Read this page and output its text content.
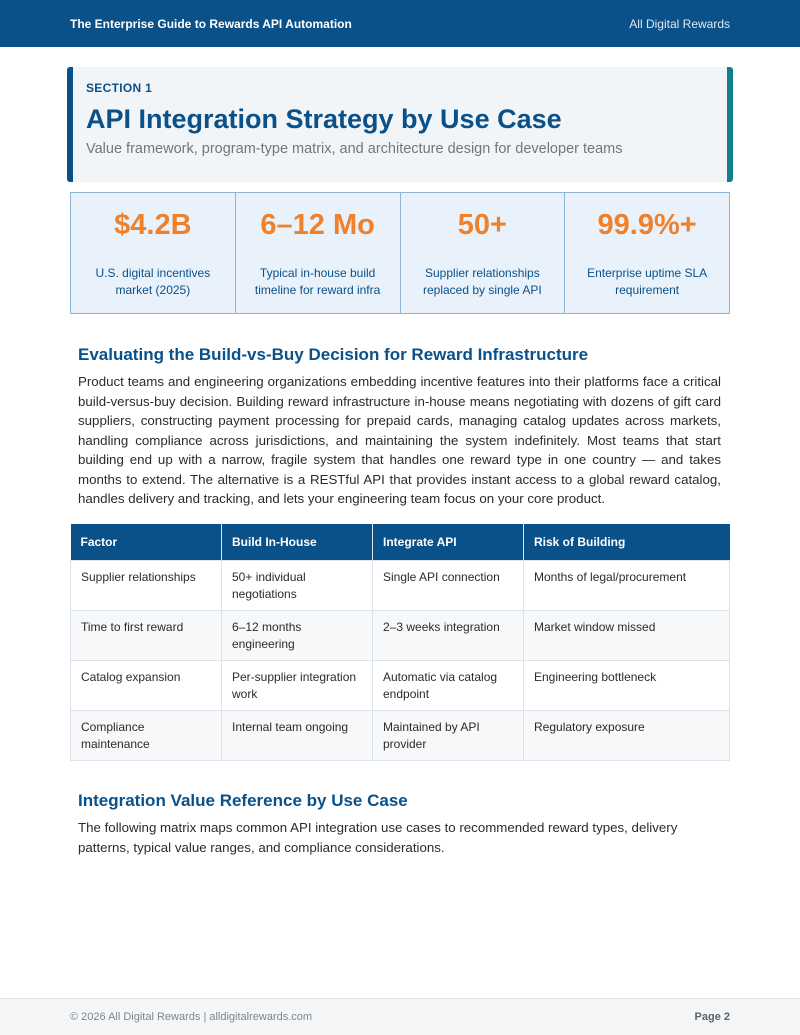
The Enterprise Guide to Rewards API Automation	All Digital Rewards
SECTION 1
API Integration Strategy by Use Case
Value framework, program-type matrix, and architecture design for developer teams
$4.2B
U.S. digital incentives market (2025)
6–12 Mo
Typical in-house build timeline for reward infra
50+
Supplier relationships replaced by single API
99.9%+
Enterprise uptime SLA requirement
Evaluating the Build-vs-Buy Decision for Reward Infrastructure

Product teams and engineering organizations embedding incentive features into their platforms face a critical build-versus-buy decision. Building reward infrastructure in-house means negotiating with dozens of gift card suppliers, constructing payment processing for prepaid cards, managing catalog updates across markets, handling compliance across jurisdictions, and maintaining the system indefinitely. Most teams that start building end up with a narrow, fragile system that handles one reward type in one country — and takes months to extend. The alternative is a RESTful API that provides instant access to a global reward catalog, handles delivery and tracking, and lets your engineering team focus on your core product.

Factor	Build In-House	Integrate API	Risk of Building
Supplier relationships	50+ individual negotiations	Single API connection	Months of legal/procurement
Time to first reward	6–12 months engineering	2–3 weeks integration	Market window missed
Catalog expansion	Per-supplier integration work	Automatic via catalog endpoint	Engineering bottleneck
Compliance maintenance	Internal team ongoing	Maintained by API provider	Regulatory exposure
Integration Value Reference by Use Case

The following matrix maps common API integration use cases to recommended reward types, delivery patterns, typical value ranges, and compliance considerations.

© 2026 All Digital Rewards | alldigitalrewards.com	Page 2
